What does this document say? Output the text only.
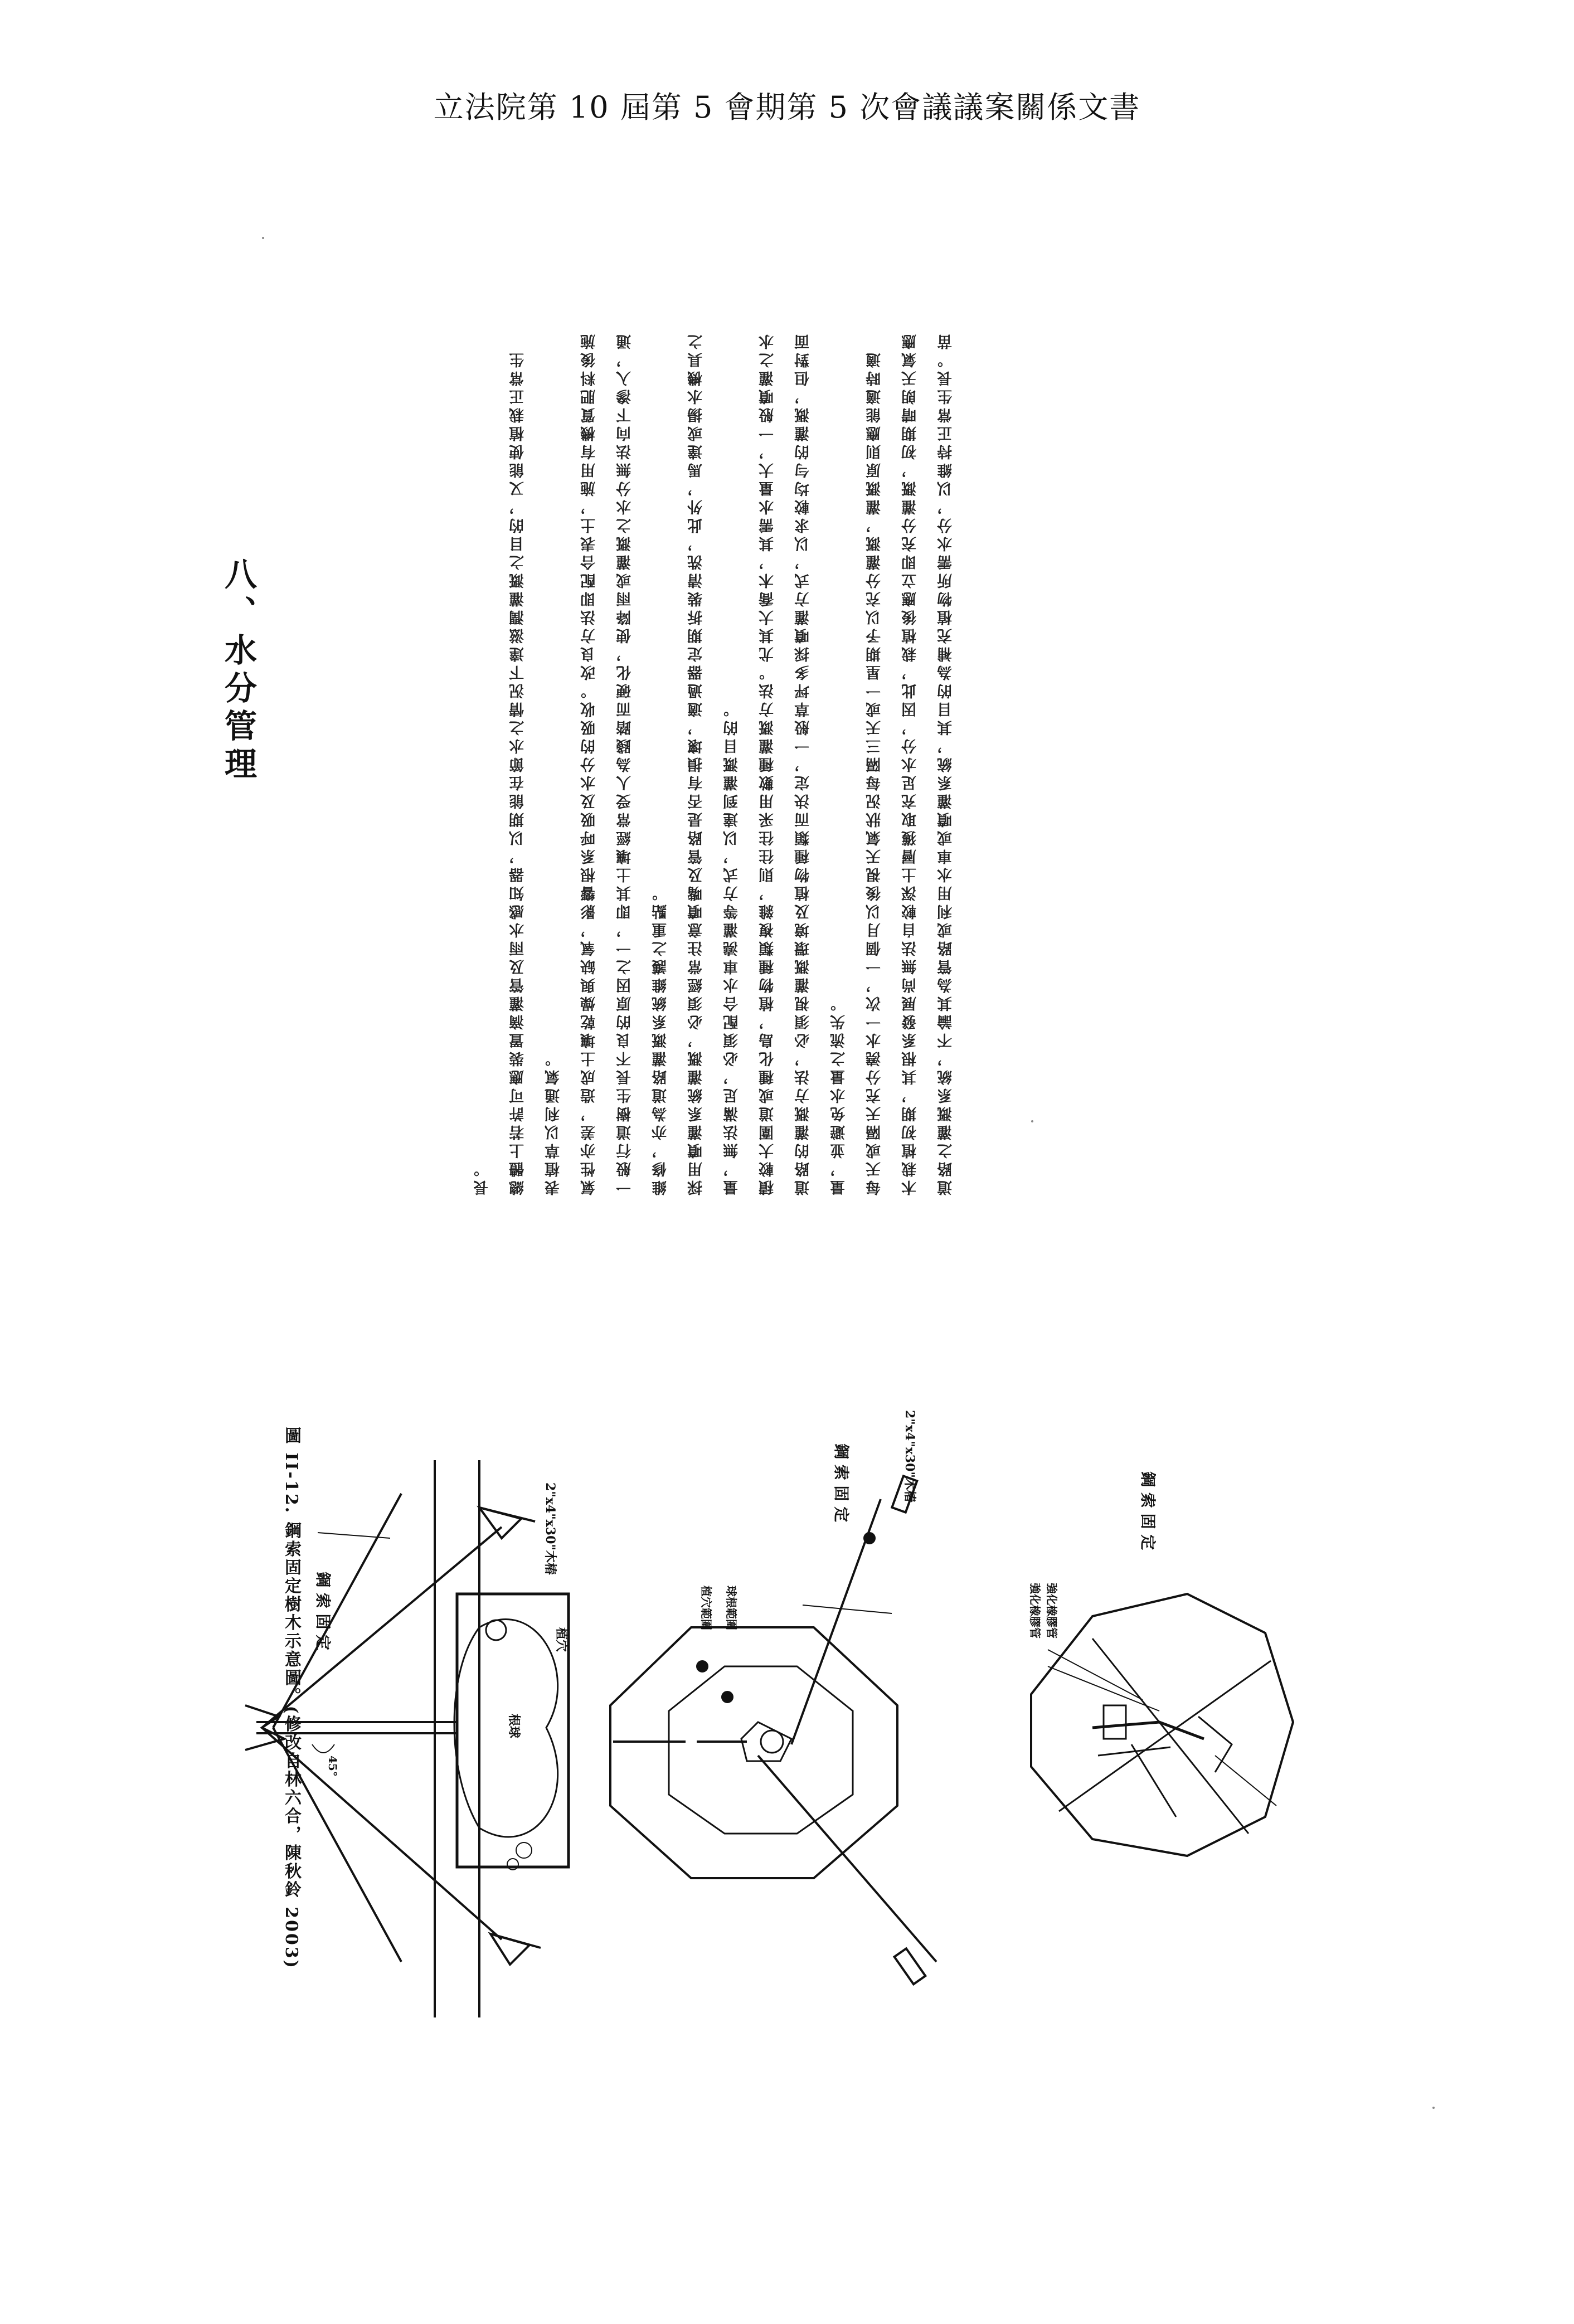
立法院第 10 屆第 5 會期第 5 次會議議案關係文書
八、水分管理	道路之灌溉系統，不論其為管路或利用水車或噴灌系統，其目的為補充植物所需水分，以維持正常生長。苗木栽植初期，其根系發展尚無法自較深土層獲取充足水分，因此，栽植後應立即充分灌溉，初期晴朗天氣應每天或隔天充分澆水一次，一個月以後視天氣狀況每隔三天或一星期予以充分灌溉，灌溉原則應能適時適量，並避免水量之流失。

道路的灌溉方法，必須視灌溉環境及植物種類而決定，一般草坪多採噴灌方式，以求較均勻的灌溉，但對面積較大圍道或種化島，植物種類複雜，則往往采用數種灌溉方法。尤其大喬木，其需水量大，一般噴灌之水量，無法滿足，必須配合水車澆灌等方式，以達到灌溉目的。

採用噴灌系統灌溉，必須經常注意噴嘴及管路是否有損壞，適過器定期拆裝清洗，此外，馬達或揚水機具之維修，亦為道路灌溉系統維護之重點。

一般行道樹生長不良的原因之一，即其土壤經常受人為踐踏而硬化，使降雨或灌溉之水分無法向下滲入，通氣性亦差，造成土壤乾燥與缺氧，影響根系呼吸及水分的吸收。改良方法即配合表土，施用有機質肥料後施表植草以利通氣。

總體上若許可應裝置滴灌管及雨水感知器，以期能在節水之情況下達滋潤灌溉之目的，又能使植栽正常生長。

鋼 索 固 定
2"x4"x30"木樁
45°
根球
植穴
植穴範圍 球根範圍
鋼 索 固 定	2"x4"x30"木樁
強化橡膠管 強化橡膠管
鋼 索 固 定
圖 II-12. 鋼索固定樹木示意圖。(修改自林六合，陳秋鈴 2003)
